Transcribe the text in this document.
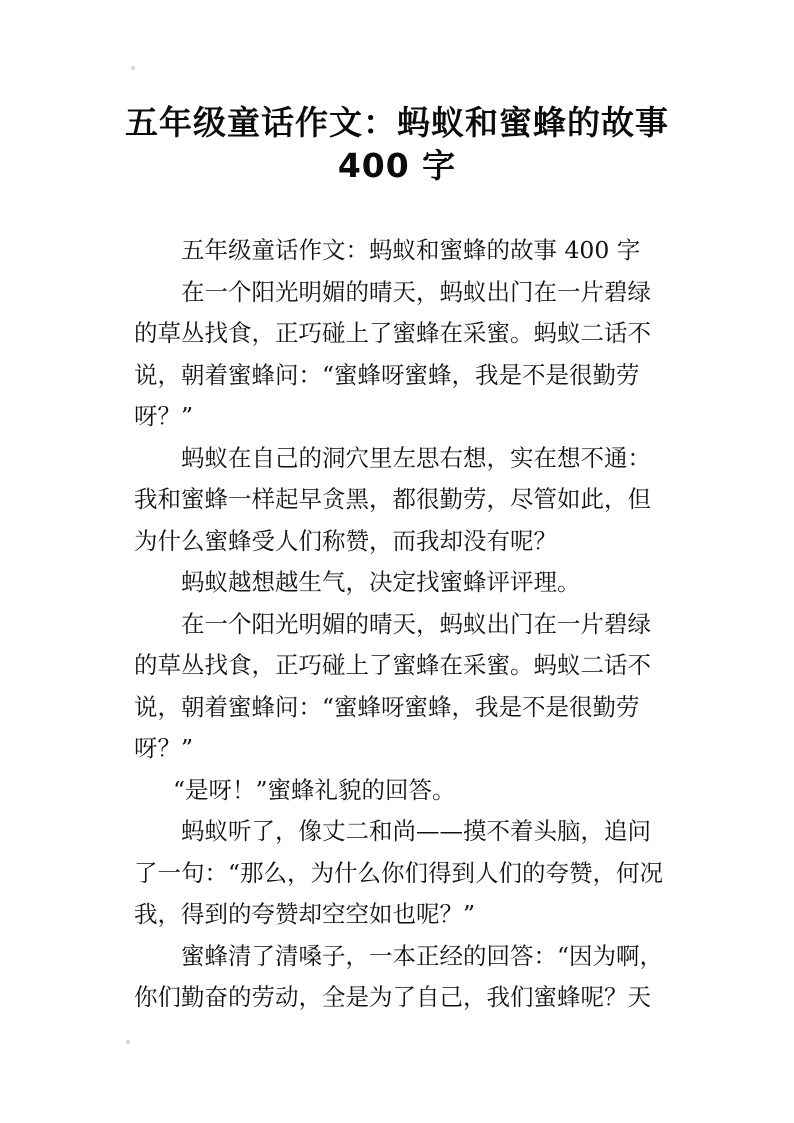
五年级童话作文：蚂蚁和蜜蜂的故事
400 字
五年级童话作文：蚂蚁和蜜蜂的故事 400 字
在一个阳光明媚的晴天，蚂蚁出门在一片碧绿
的草丛找食，正巧碰上了蜜蜂在采蜜。蚂蚁二话不
说，朝着蜜蜂问：“蜜蜂呀蜜蜂，我是不是很勤劳
呀？”
蚂蚁在自己的洞穴里左思右想，实在想不通：
我和蜜蜂一样起早贪黑，都很勤劳，尽管如此，但
为什么蜜蜂受人们称赞，而我却没有呢？
蚂蚁越想越生气，决定找蜜蜂评评理。
在一个阳光明媚的晴天，蚂蚁出门在一片碧绿
的草丛找食，正巧碰上了蜜蜂在采蜜。蚂蚁二话不
说，朝着蜜蜂问：“蜜蜂呀蜜蜂，我是不是很勤劳
呀？”
“是呀！”蜜蜂礼貌的回答。
蚂蚁听了，像丈二和尚——摸不着头脑，追问
了一句：“那么，为什么你们得到人们的夸赞，何况
我，得到的夸赞却空空如也呢？”
蜜蜂清了清嗓子，一本正经的回答：“因为啊，
你们勤奋的劳动，全是为了自己，我们蜜蜂呢？天
